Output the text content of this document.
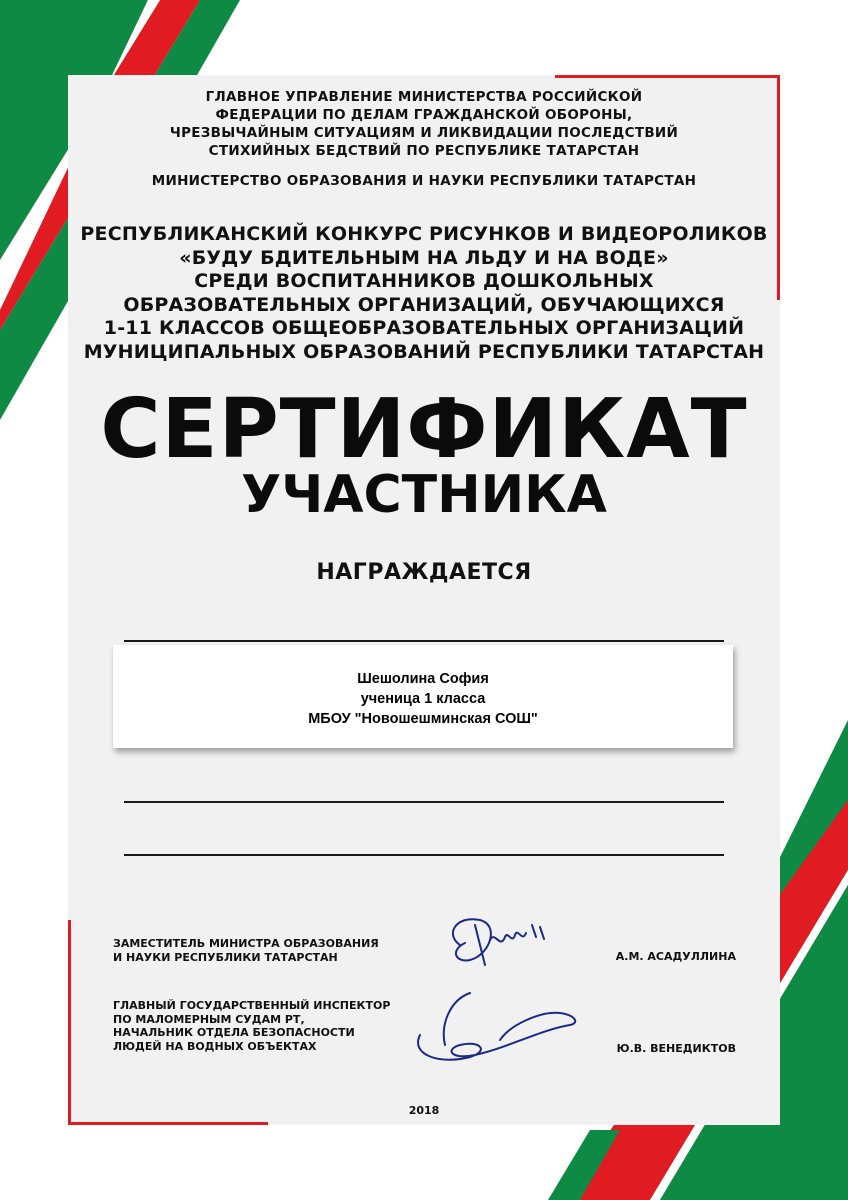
ГЛАВНОЕ УПРАВЛЕНИЕ МИНИСТЕРСТВА РОССИЙСКОЙ
ФЕДЕРАЦИИ ПО ДЕЛАМ ГРАЖДАНСКОЙ ОБОРОНЫ,
ЧРЕЗВЫЧАЙНЫМ СИТУАЦИЯМ И ЛИКВИДАЦИИ ПОСЛЕДСТВИЙ
СТИХИЙНЫХ БЕДСТВИЙ ПО РЕСПУБЛИКЕ ТАТАРСТАН
МИНИСТЕРСТВО ОБРАЗОВАНИЯ И НАУКИ РЕСПУБЛИКИ ТАТАРСТАН
РЕСПУБЛИКАНСКИЙ КОНКУРС РИСУНКОВ И ВИДЕОРОЛИКОВ
«БУДУ БДИТЕЛЬНЫМ НА ЛЬДУ И НА ВОДЕ»
СРЕДИ ВОСПИТАННИКОВ ДОШКОЛЬНЫХ
ОБРАЗОВАТЕЛЬНЫХ ОРГАНИЗАЦИЙ, ОБУЧАЮЩИХСЯ
1-11 КЛАССОВ ОБЩЕОБРАЗОВАТЕЛЬНЫХ ОРГАНИЗАЦИЙ
МУНИЦИПАЛЬНЫХ ОБРАЗОВАНИЙ РЕСПУБЛИКИ ТАТАРСТАН
СЕРТИФИКАТ
УЧАСТНИКА
НАГРАЖДАЕТСЯ
Шешолина София
ученица 1 класса
МБОУ "Новошешминская СОШ"
ЗАМЕСТИТЕЛЬ МИНИСТРА ОБРАЗОВАНИЯ
И НАУКИ РЕСПУБЛИКИ ТАТАРСТАН	А.М. АСАДУЛЛИНА
ГЛАВНЫЙ ГОСУДАРСТВЕННЫЙ ИНСПЕКТОР
ПО МАЛОМЕРНЫМ СУДАМ РТ,
НАЧАЛЬНИК ОТДЕЛА БЕЗОПАСНОСТИ
ЛЮДЕЙ НА ВОДНЫХ ОБЪЕКТАХ	Ю.В. ВЕНЕДИКТОВ
2018
